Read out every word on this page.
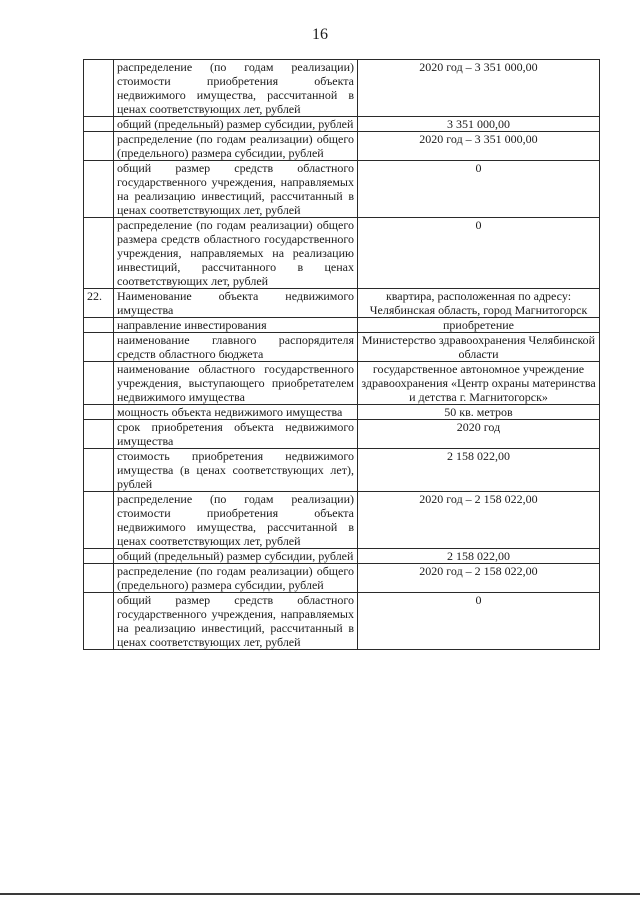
16
	распределение (по годам реализации) стоимости приобретения объекта недвижимого имущества, рассчитанной в ценах соответствующих лет, рублей	2020 год – 3 351 000,00
	общий (предельный) размер субсидии, рублей	3 351 000,00
	распределение (по годам реализации) общего (предельного) размера субсидии, рублей	2020 год – 3 351 000,00
	общий размер средств областного государственного учреждения, направляемых на реализацию инвестиций, рассчитанный в ценах соответствующих лет, рублей	0
	распределение (по годам реализации) общего размера средств областного государственного учреждения, направляемых на реализацию инвестиций, рассчитанного в ценах соответствующих лет, рублей	0
22.	Наименование объекта недвижимого имущества	квартира, расположенная по адресу: Челябинская область, город Магнитогорск
	направление инвестирования	приобретение
	наименование главного распорядителя средств областного бюджета	Министерство здравоохранения Челябинской области
	наименование областного государственного учреждения, выступающего приобретателем недвижимого имущества	государственное автономное учреждение здравоохранения «Центр охраны материнства и детства г. Магнитогорск»
	мощность объекта недвижимого имущества	50 кв. метров
	срок приобретения объекта недвижимого имущества	2020 год
	стоимость приобретения недвижимого имущества (в ценах соответствующих лет), рублей	2 158 022,00
	распределение (по годам реализации) стоимости приобретения объекта недвижимого имущества, рассчитанной в ценах соответствующих лет, рублей	2020 год – 2 158 022,00
	общий (предельный) размер субсидии, рублей	2 158 022,00
	распределение (по годам реализации) общего (предельного) размера субсидии, рублей	2020 год – 2 158 022,00
	общий размер средств областного государственного учреждения, направляемых на реализацию инвестиций, рассчитанный в ценах соответствующих лет, рублей	0
